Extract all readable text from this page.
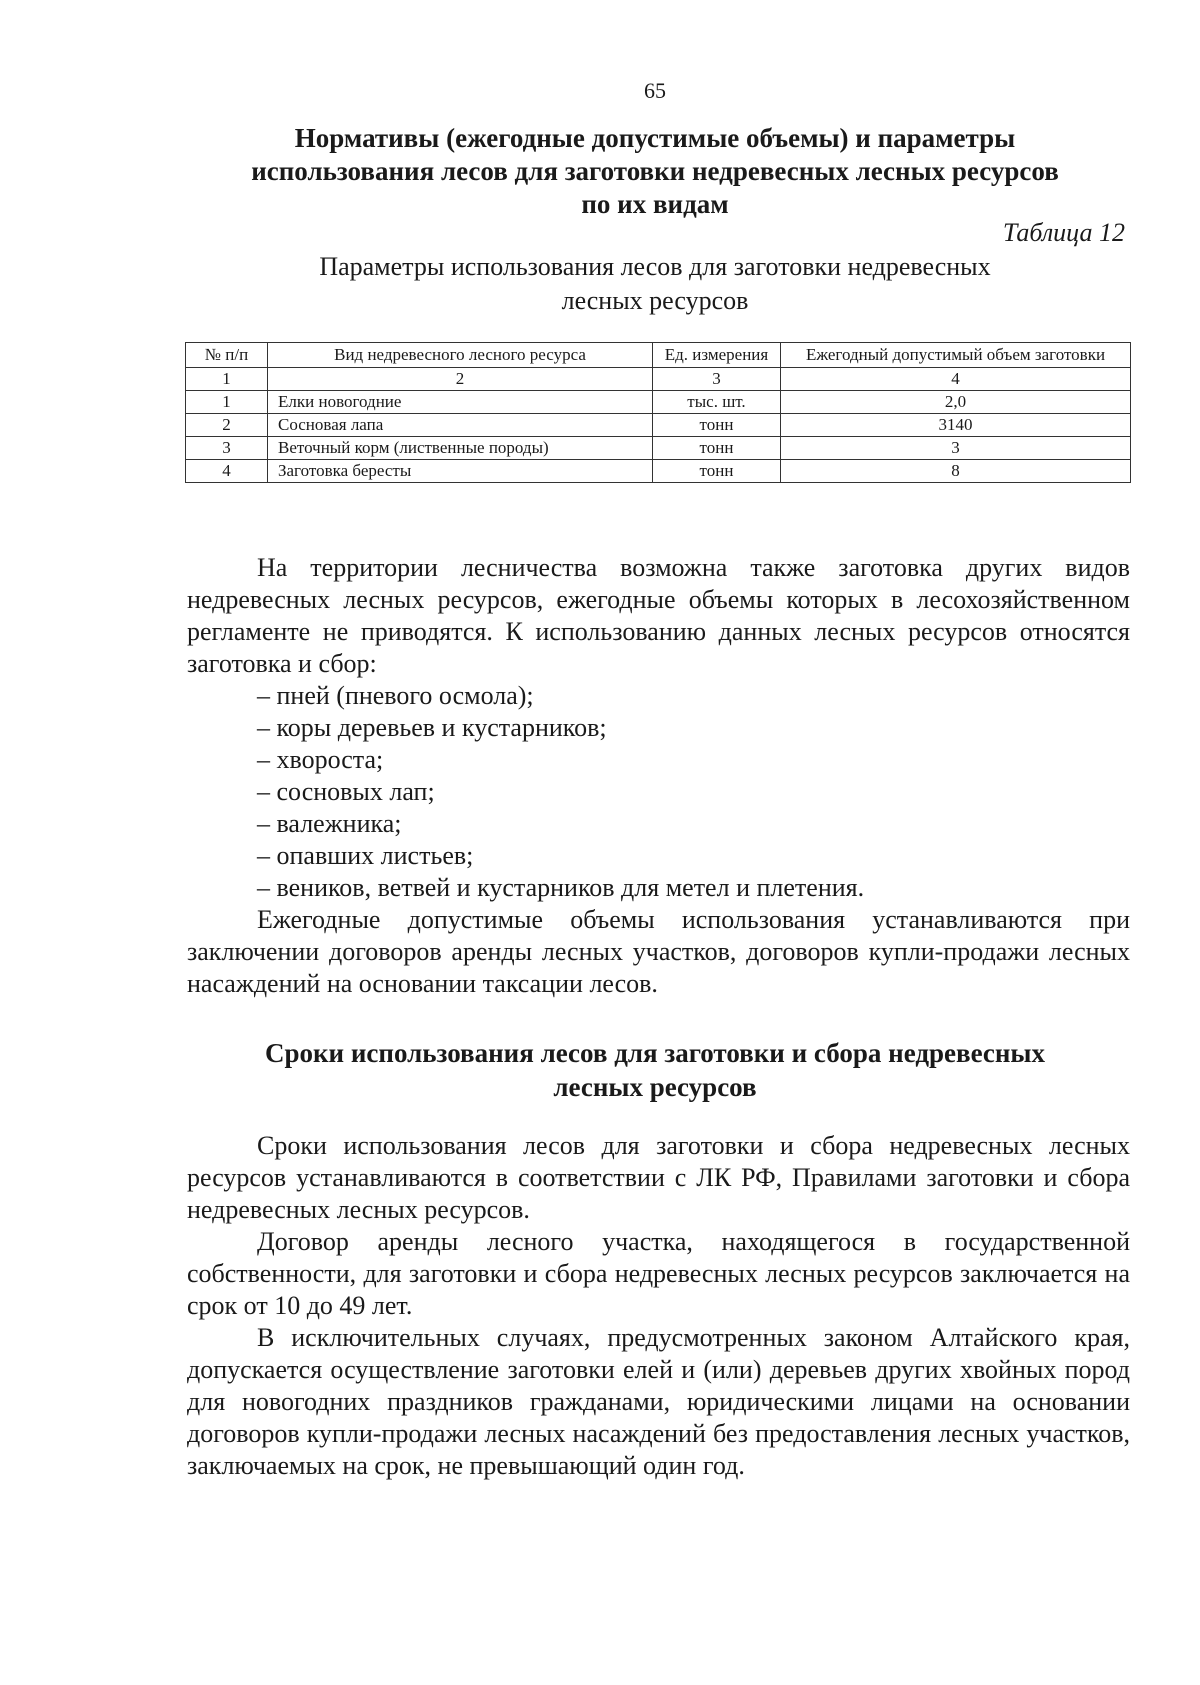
65
Нормативы (ежегодные допустимые объемы) и параметры использования лесов для заготовки недревесных лесных ресурсов по их видам
Таблица 12
Параметры использования лесов для заготовки недревесных лесных ресурсов
№ п/п	Вид недревесного лесного ресурса	Ед. измерения	Ежегодный допустимый объем заготовки
1	2	3	4
1	Елки новогодние	тыс. шт.	2,0
2	Сосновая лапа	тонн	3140
3	Веточный корм (лиственные породы)	тонн	3
4	Заготовка бересты	тонн	8

На территории лесничества возможна также заготовка других видов недревесных лесных ресурсов, ежегодные объемы которых в лесохозяйственном регламенте не приводятся. К использованию данных лесных ресурсов относятся заготовка и сбор:

– пней (пневого осмола);

– коры деревьев и кустарников;

– хвороста;

– сосновых лап;

– валежника;

– опавших листьев;

– веников, ветвей и кустарников для метел и плетения.

Ежегодные допустимые объемы использования устанавливаются при заключении договоров аренды лесных участков, договоров купли-продажи лесных насаждений на основании таксации лесов.

Сроки использования лесов для заготовки и сбора недревесных лесных ресурсов

Сроки использования лесов для заготовки и сбора недревесных лесных ресурсов устанавливаются в соответствии с ЛК РФ, Правилами заготовки и сбора недревесных лесных ресурсов.

Договор аренды лесного участка, находящегося в государственной собственности, для заготовки и сбора недревесных лесных ресурсов заключается на срок от 10 до 49 лет.

В исключительных случаях, предусмотренных законом Алтайского края, допускается осуществление заготовки елей и (или) деревьев других хвойных пород для новогодних праздников гражданами, юридическими лицами на основании договоров купли-продажи лесных насаждений без предоставления лесных участков, заключаемых на срок, не превышающий один год.
